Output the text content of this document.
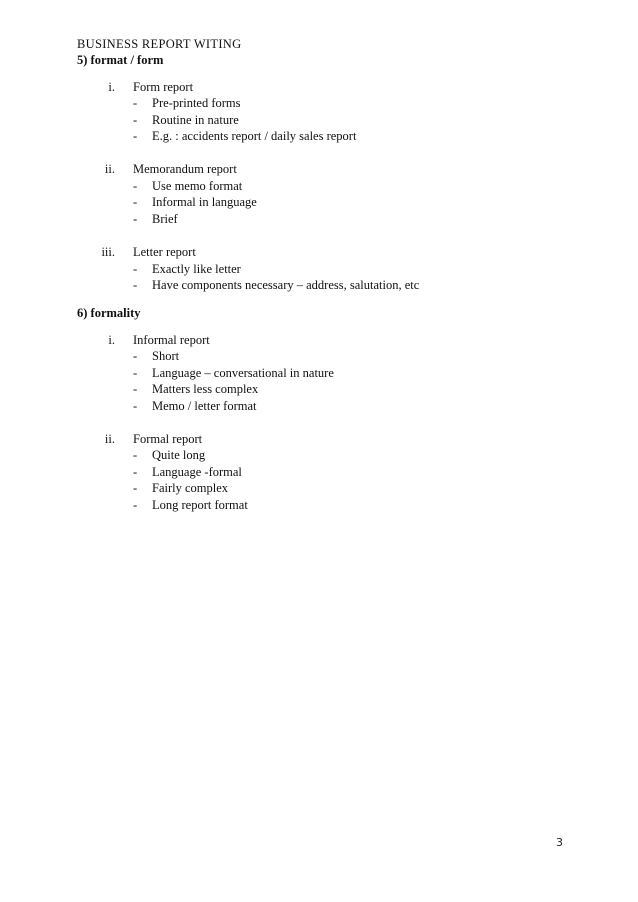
BUSINESS REPORT WITING
5) format / form
i. Form report
- Pre-printed forms
- Routine in nature
- E.g. : accidents report / daily sales report
ii. Memorandum report
- Use memo format
- Informal in language
- Brief
iii. Letter report
- Exactly like letter
- Have components necessary – address, salutation, etc
6) formality
i. Informal report
- Short
- Language – conversational in nature
- Matters less complex
- Memo / letter format
ii. Formal report
- Quite long
- Language -formal
- Fairly complex
- Long report format
3
